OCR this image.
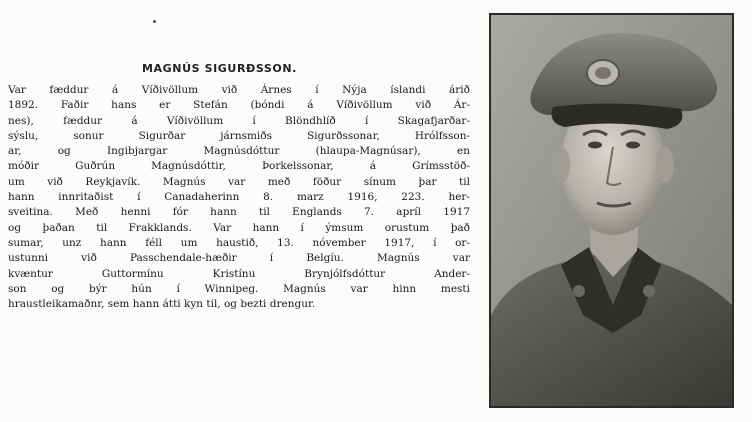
MAGNÚS SIGURÐSSON.

Var fæddur á Víðivöllum við Árnes í Nýja íslandi árið
1892. Faðir hans er Stefán (bóndi á Víðivöllum við Ár-
nes), fæddur á Víðivöllum í Blöndhlíð í Skagafjarðar-
sýslu, sonur Sigurðar járnsmiðs Sigurðssonar, Hrólfsson-
ar, og Ingibjargar Magnúsdóttur (hlaupa-Magnúsar), en
móðir Guðrún Magnúsdóttir, Þorkelssonar, á Grímsstöð-
um við Reykjavík. Magnús var með föður sínum þar til
hann innritaðist í Canadaherinn 8. marz 1916, 223. her-
sveitina. Með henni fór hann til Englands 7. apríl 1917
og þaðan til Frakklands. Var hann í ýmsum orustum það
sumar, unz hann féll um haustið, 13. nóvember 1917, í or-
ustunni við Passchendale-hæðir í Belgíu. Magnús var
kvæntur Guttormínu Kristínu Brynjólfsdóttur Ander-
son og býr hún í Winnipeg. Magnús var hinn mesti
hraustleikamaðnr, sem hann átti kyn til, og bezti drengur.
